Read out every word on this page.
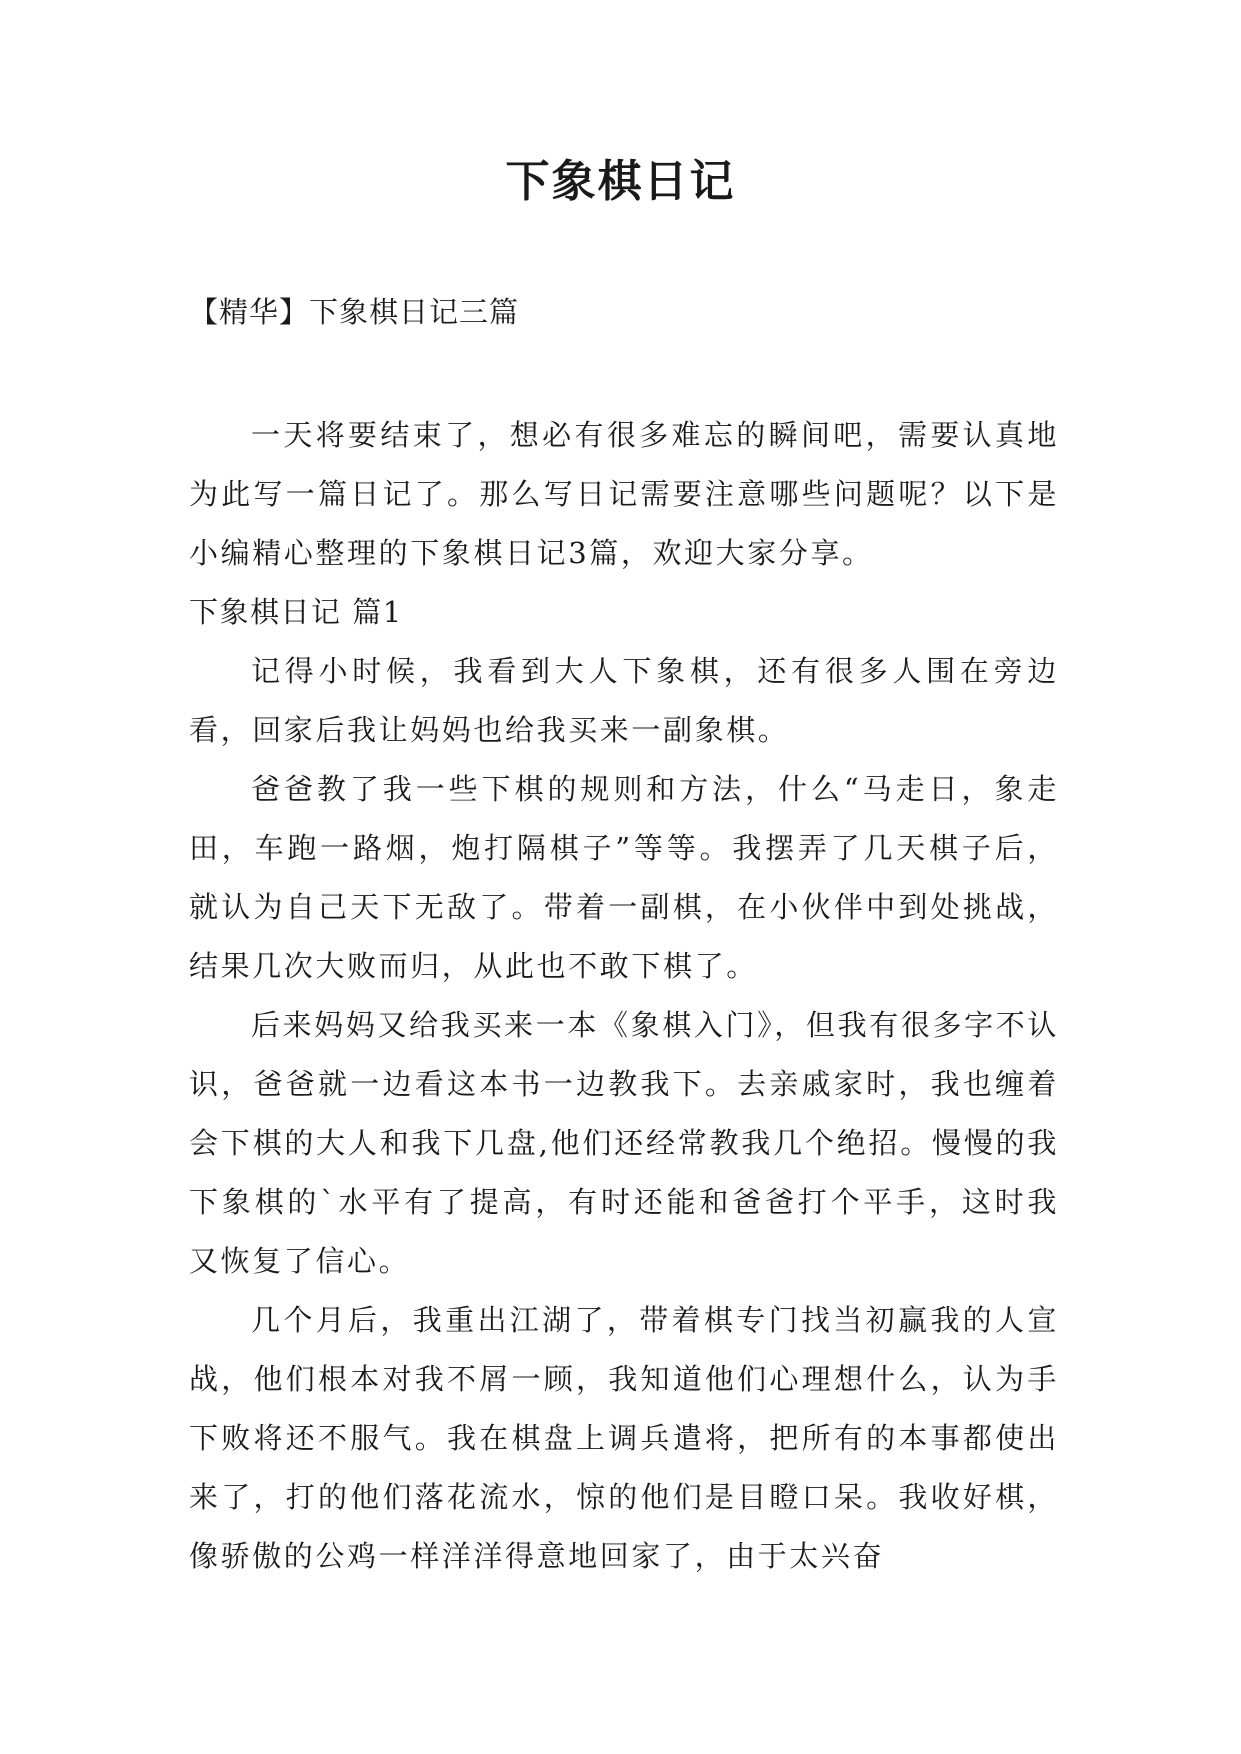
下象棋日记

【精华】下象棋日记三篇

一天将要结束了，想必有很多难忘的瞬间吧，需要认真地为此写一篇日记了。那么写日记需要注意哪些问题呢？以下是小编精心整理的下象棋日记3篇，欢迎大家分享。

下象棋日记 篇1

记得小时候，我看到大人下象棋，还有很多人围在旁边看，回家后我让妈妈也给我买来一副象棋。

爸爸教了我一些下棋的规则和方法，什么“马走日，象走田，车跑一路烟，炮打隔棋子”等等。我摆弄了几天棋子后，就认为自己天下无敌了。带着一副棋，在小伙伴中到处挑战，结果几次大败而归，从此也不敢下棋了。

后来妈妈又给我买来一本《象棋入门》，但我有很多字不认识，爸爸就一边看这本书一边教我下。去亲戚家时，我也缠着会下棋的大人和我下几盘,他们还经常教我几个绝招。慢慢的我下象棋的`水平有了提高，有时还能和爸爸打个平手，这时我又恢复了信心。

几个月后，我重出江湖了，带着棋专门找当初赢我的人宣战，他们根本对我不屑一顾，我知道他们心理想什么，认为手下败将还不服气。我在棋盘上调兵遣将，把所有的本事都使出来了，打的他们落花流水，惊的他们是目瞪口呆。我收好棋，像骄傲的公鸡一样洋洋得意地回家了，由于太兴奋
